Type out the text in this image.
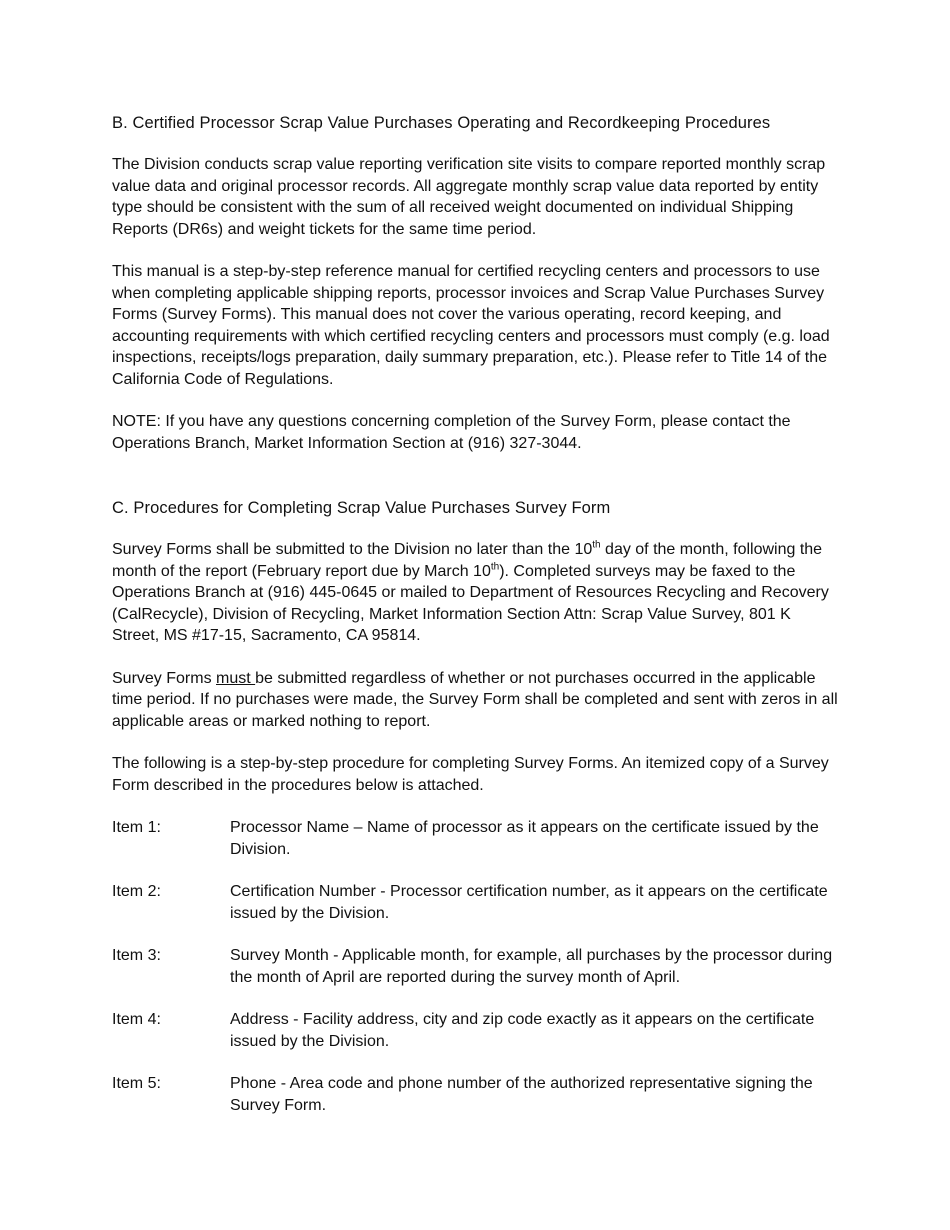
B. Certified Processor Scrap Value Purchases Operating and Recordkeeping Procedures

The Division conducts scrap value reporting verification site visits to compare reported monthly scrap value data and original processor records. All aggregate monthly scrap value data reported by entity type should be consistent with the sum of all received weight documented on individual Shipping Reports (DR6s) and weight tickets for the same time period.

This manual is a step-by-step reference manual for certified recycling centers and processors to use when completing applicable shipping reports, processor invoices and Scrap Value Purchases Survey Forms (Survey Forms). This manual does not cover the various operating, record keeping, and accounting requirements with which certified recycling centers and processors must comply (e.g. load inspections, receipts/logs preparation, daily summary preparation, etc.). Please refer to Title 14 of the California Code of Regulations.

NOTE: If you have any questions concerning completion of the Survey Form, please contact the Operations Branch, Market Information Section at (916) 327-3044.

C. Procedures for Completing Scrap Value Purchases Survey Form

Survey Forms shall be submitted to the Division no later than the 10th day of the month, following the month of the report (February report due by March 10th). Completed surveys may be faxed to the Operations Branch at (916) 445-0645 or mailed to Department of Resources Recycling and Recovery (CalRecycle), Division of Recycling, Market Information Section Attn: Scrap Value Survey, 801 K Street, MS #17-15, Sacramento, CA 95814.

Survey Forms must be submitted regardless of whether or not purchases occurred in the applicable time period. If no purchases were made, the Survey Form shall be completed and sent with zeros in all applicable areas or marked nothing to report.

The following is a step-by-step procedure for completing Survey Forms. An itemized copy of a Survey Form described in the procedures below is attached.

Item 1:	Processor Name – Name of processor as it appears on the certificate issued by the Division.
Item 2:	Certification Number - Processor certification number, as it appears on the certificate issued by the Division.
Item 3:	Survey Month - Applicable month, for example, all purchases by the processor during the month of April are reported during the survey month of April.
Item 4:	Address - Facility address, city and zip code exactly as it appears on the certificate issued by the Division.
Item 5:	Phone - Area code and phone number of the authorized representative signing the Survey Form.
